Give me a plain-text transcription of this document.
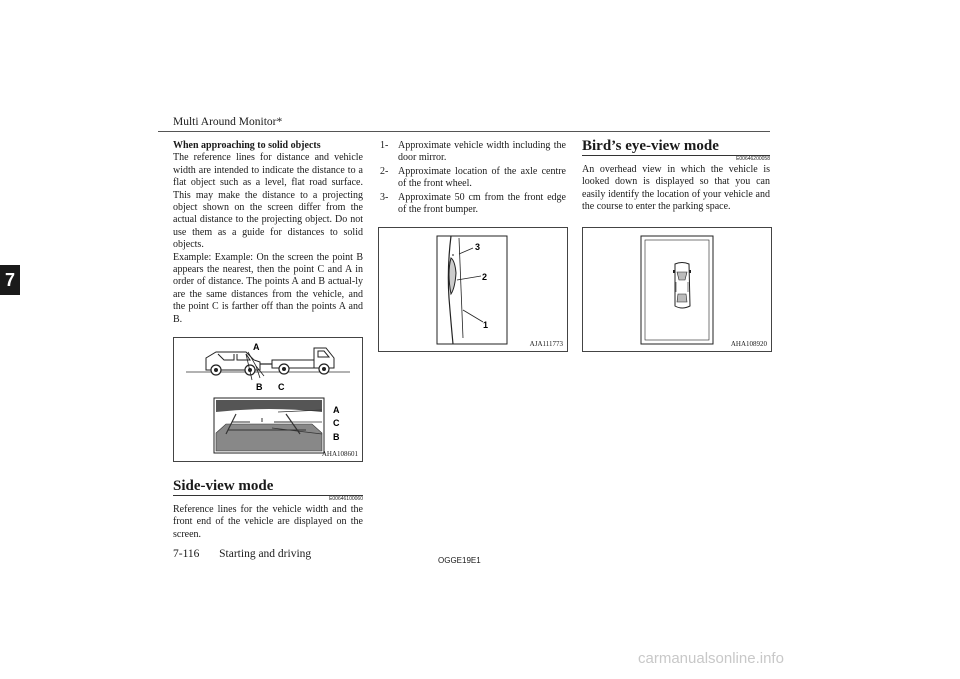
Multi Around Monitor*
7

When approaching to solid objects

The reference lines for distance and vehicle width are intended to indicate the distance to a flat object such as a level, flat road surface. This may make the distance to a projecting object shown on the screen differ from the actual distance to the projecting object. Do not use them as a guide for distances to solid objects.

Example: Example: On the screen the point B appears the nearest, then the point C and A in order of distance. The points A and B actual-ly are the same distances from the vehicle, and the point C is farther off than the points A and B.

A
B C
A
C
B
AHA108601
Side-view mode
E00646100060
Reference lines for the vehicle width and the front end of the vehicle are displayed on the screen.
1- Approximate vehicle width including the door mirror.
2- Approximate location of the axle centre of the front wheel.
3- Approximate 50 cm from the front edge of the front bumper.
3
2
1
AJA111773
Bird’s eye-view mode
E00646200058
An overhead view in which the vehicle is looked down is displayed so that you can easily identify the location of your vehicle and the course to enter the parking space.
AHA108920
7-116 Starting and driving
OGGE19E1
carmanualsonline.info
